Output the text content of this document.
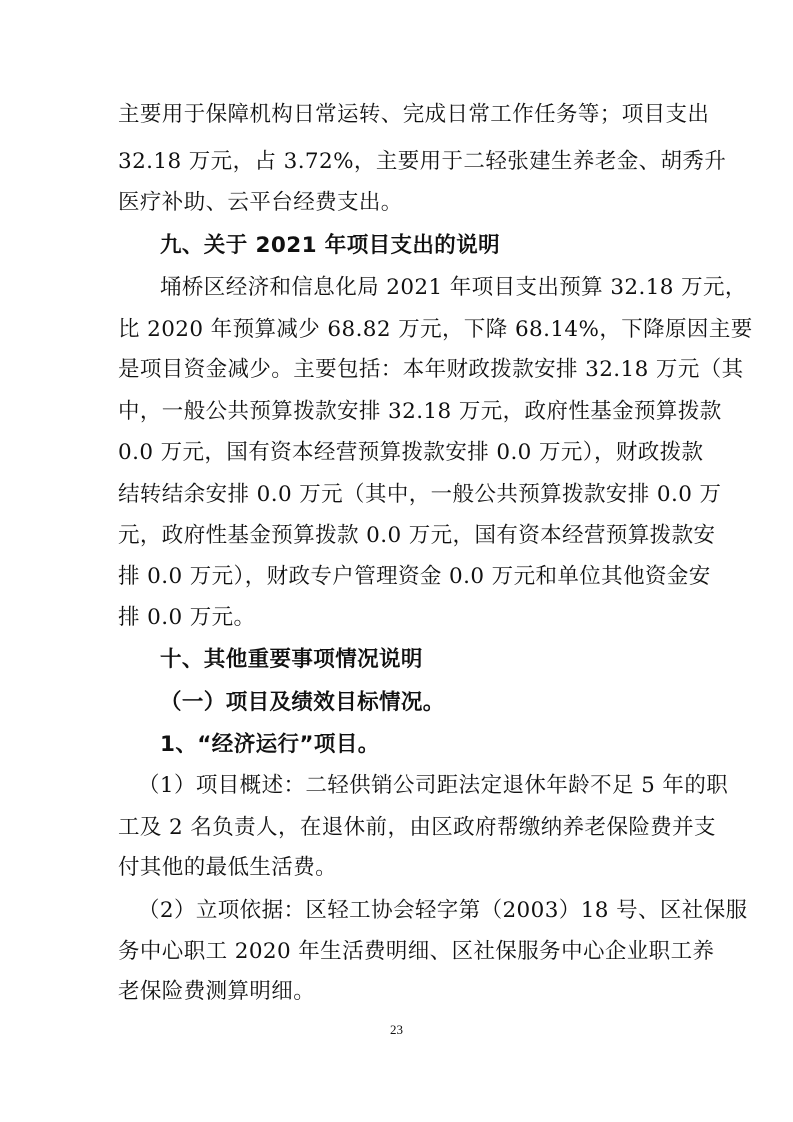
主要用于保障机构日常运转、完成日常工作任务等；项目支出
32.18 万元，占 3.72%，主要用于二轻张建生养老金、胡秀升
医疗补助、云平台经费支出。
九、关于 2021 年项目支出的说明
埇桥区经济和信息化局 2021 年项目支出预算 32.18 万元，
比 2020 年预算减少 68.82 万元，下降 68.14%，下降原因主要
是项目资金减少。主要包括：本年财政拨款安排 32.18 万元（其
中，一般公共预算拨款安排 32.18 万元，政府性基金预算拨款
0.0 万元，国有资本经营预算拨款安排 0.0 万元），财政拨款
结转结余安排 0.0 万元（其中，一般公共预算拨款安排 0.0 万
元，政府性基金预算拨款 0.0 万元，国有资本经营预算拨款安
排 0.0 万元），财政专户管理资金 0.0 万元和单位其他资金安
排 0.0 万元。
十、其他重要事项情况说明
（一）项目及绩效目标情况。
1、“经济运行”项目。
（1）项目概述：二轻供销公司距法定退休年龄不足 5 年的职
工及 2 名负责人，在退休前，由区政府帮缴纳养老保险费并支
付其他的最低生活费。
（2）立项依据：区轻工协会轻字第（2003）18 号、区社保服
务中心职工 2020 年生活费明细、区社保服务中心企业职工养
老保险费测算明细。
23
